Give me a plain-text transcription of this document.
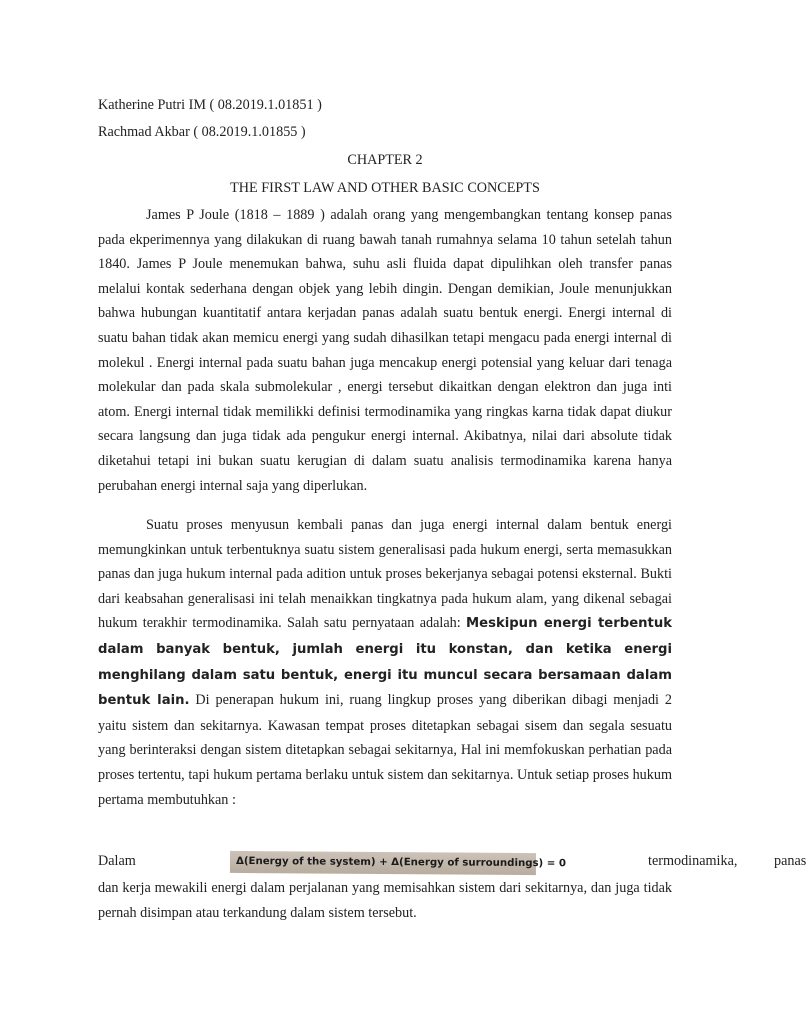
Katherine Putri IM ( 08.2019.1.01851 )
Rachmad Akbar ( 08.2019.1.01855 )
CHAPTER 2
THE FIRST LAW AND OTHER BASIC CONCEPTS

James P Joule (1818 – 1889 ) adalah orang yang mengembangkan tentang konsep panas pada ekperimennya yang dilakukan di ruang bawah tanah rumahnya selama 10 tahun setelah tahun 1840. James P Joule menemukan bahwa, suhu asli fluida dapat dipulihkan oleh transfer panas melalui kontak sederhana dengan objek yang lebih dingin. Dengan demikian, Joule menunjukkan bahwa hubungan kuantitatif antara kerjadan panas adalah suatu bentuk energi. Energi internal di suatu bahan tidak akan memicu energi yang sudah dihasilkan tetapi mengacu pada energi internal di molekul . Energi internal pada suatu bahan juga mencakup energi potensial yang keluar dari tenaga molekular dan pada skala submolekular , energi tersebut dikaitkan dengan elektron dan juga inti atom. Energi internal tidak memilikki definisi termodinamika yang ringkas karna tidak dapat diukur secara langsung dan juga tidak ada pengukur energi internal. Akibatnya, nilai dari absolute tidak diketahui tetapi ini bukan suatu kerugian di dalam suatu analisis termodinamika karena hanya perubahan energi internal saja yang diperlukan.

Suatu proses menyusun kembali panas dan juga energi internal dalam bentuk energi memungkinkan untuk terbentuknya suatu sistem generalisasi pada hukum energi, serta memasukkan panas dan juga hukum internal pada adition untuk proses bekerjanya sebagai potensi eksternal. Bukti dari keabsahan generalisasi ini telah menaikkan tingkatnya pada hukum alam, yang dikenal sebagai hukum terakhir termodinamika. Salah satu pernyataan adalah: Meskipun energi terbentuk dalam banyak bentuk, jumlah energi itu konstan, dan ketika energi menghilang dalam satu bentuk, energi itu muncul secara bersamaan dalam bentuk lain. Di penerapan hukum ini, ruang lingkup proses yang diberikan dibagi menjadi 2 yaitu sistem dan sekitarnya. Kawasan tempat proses ditetapkan sebagai sisem dan segala sesuatu yang berinteraksi dengan sistem ditetapkan sebagai sekitarnya, Hal ini memfokuskan perhatian pada proses tertentu, tapi hukum pertama berlaku untuk sistem dan sekitarnya. Untuk setiap proses hukum pertama membutuhkan :

Dalam	Δ(Energy of the system) + Δ(Energy of surroundings) = 0	termodinamika,	panas

dan kerja mewakili energi dalam perjalanan yang memisahkan sistem dari sekitarnya, dan juga tidak pernah disimpan atau terkandung dalam sistem tersebut.
